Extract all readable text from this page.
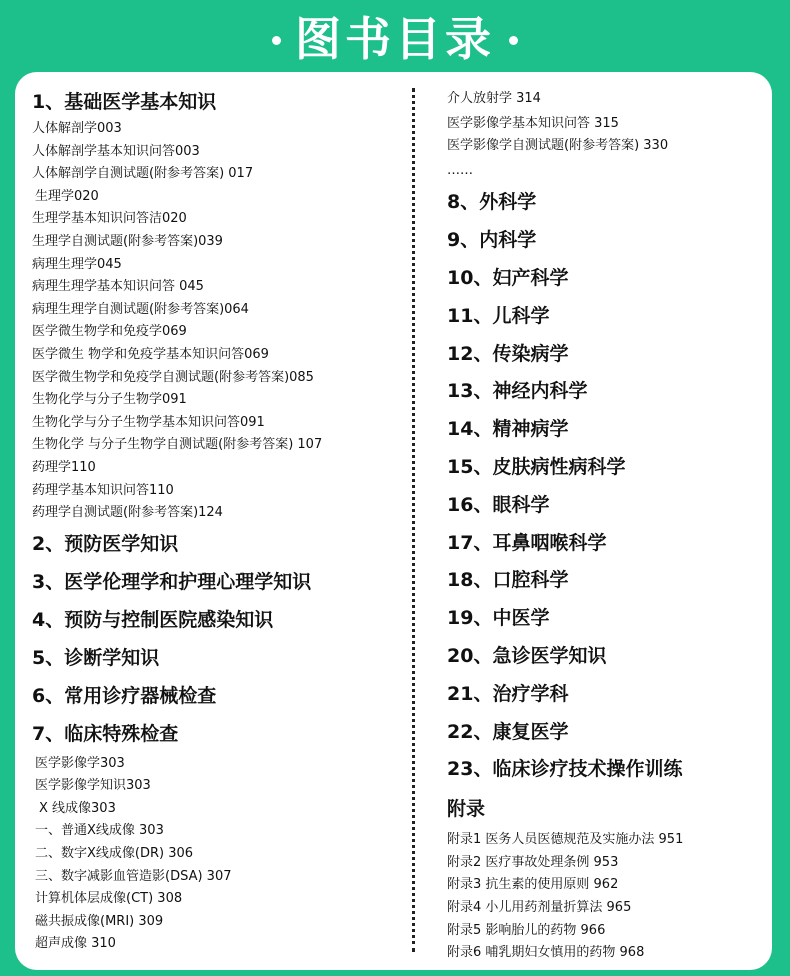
图书目录
1、基础医学基本知识
人体解剖学003
人体解剖学基本知识问答003
人体解剖学自测试题(附参考答案) 017
生理学020
生理学基本知识问答洁020
生理学自测试题(附参考答案)039
病理生理学045
病理生理学基本知识问答 045
病理生理学自测试题(附参考答案)064
医学微生物学和免疫学069
医学微生 物学和免疫学基本知识问答069
医学微生物学和免疫学自测试题(附参考答案)085
生物化学与分子生物学091
生物化学与分子生物学基本知识问答091
生物化学 与分子生物学自测试题(附参考答案) 107
药理学110
药理学基本知识问答110
药理学自测试题(附参考答案)124
2、预防医学知识
3、医学伦理学和护理心理学知识
4、预防与控制医院感染知识
5、诊断学知识
6、常用诊疗器械检查
7、临床特殊检查
医学影像学303
医学影像学知识303
X 线成像303
一、普通X线成像 303
二、数字X线成像(DR) 306
三、数字减影血管造影(DSA) 307
计算机体层成像(CT) 308
磁共振成像(MRI) 309
超声成像 310
介人放射学 314
医学影像学基本知识问答 315
医学影像学自测试题(附参考答案) 330
……
8、外科学
9、内科学
10、妇产科学
11、儿科学
12、传染病学
13、神经内科学
14、精神病学
15、皮肤病性病科学
16、眼科学
17、耳鼻咽喉科学
18、口腔科学
19、中医学
20、急诊医学知识
21、治疗学科
22、康复医学
23、临床诊疗技术操作训练
附录
附录1 医务人员医德规范及实施办法 951
附录2 医疗事故处理条例 953
附录3 抗生素的使用原则 962
附录4 小儿用药剂量折算法 965
附录5 影响胎儿的药物 966
附录6 哺乳期妇女慎用的药物 968
